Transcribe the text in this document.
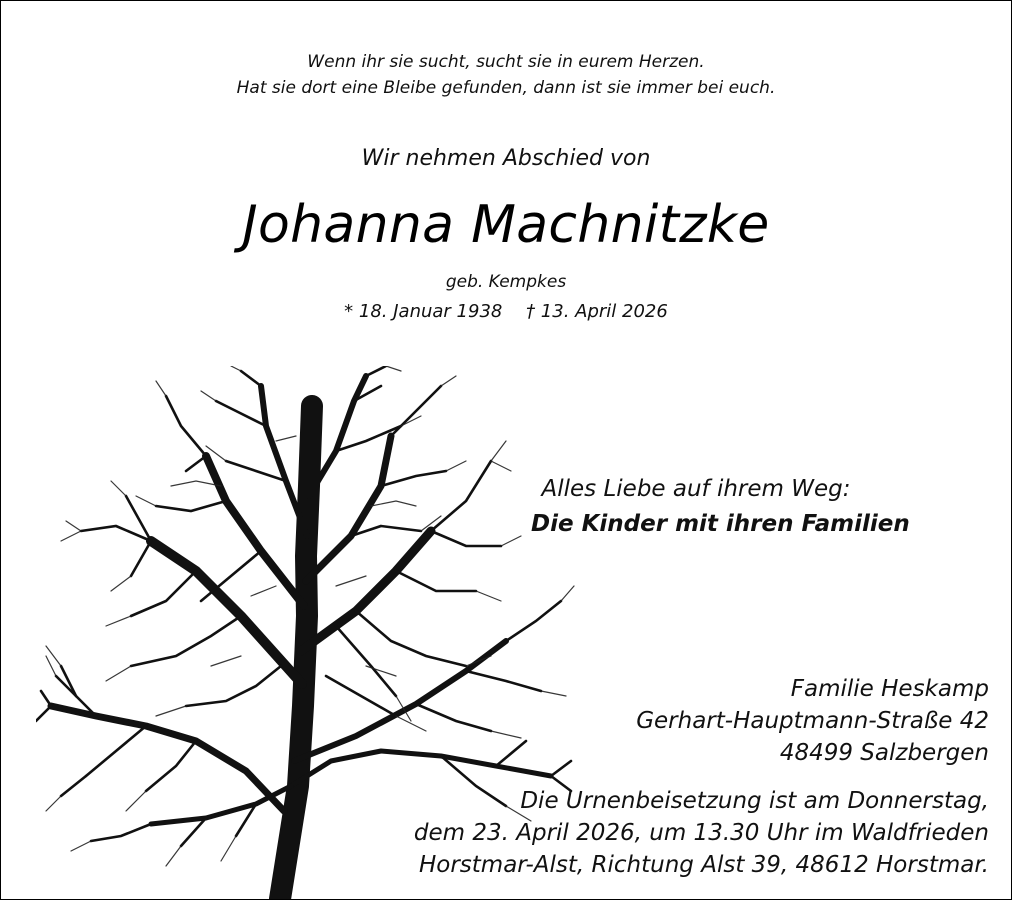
Wenn ihr sie sucht, sucht sie in eurem Herzen.
Hat sie dort eine Bleibe gefunden, dann ist sie immer bei euch.
Wir nehmen Abschied von
Johanna Machnitzke
geb. Kempkes
* 18. Januar 1938 † 13. April 2026
Alles Liebe auf ihrem Weg:
Die Kinder mit ihren Familien
Familie Heskamp
Gerhart-Hauptmann-Straße 42
48499 Salzbergen
Die Urnenbeisetzung ist am Donnerstag,
dem 23. April 2026, um 13.30 Uhr im Waldfrieden
Horstmar-Alst, Richtung Alst 39, 48612 Horstmar.
